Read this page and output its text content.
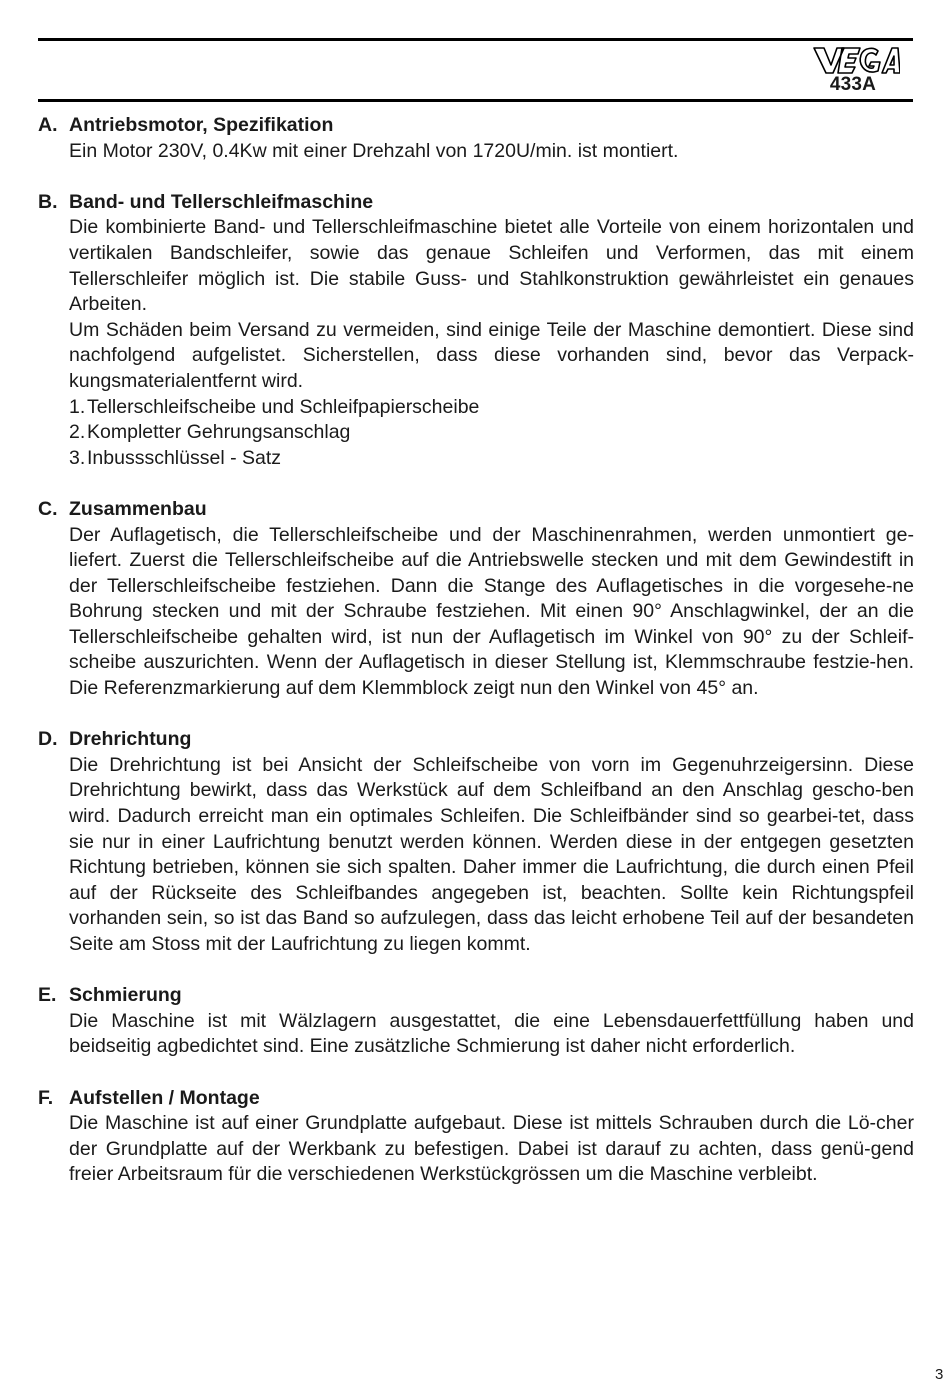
433A
A. Antriebsmotor, Spezifikation

Ein Motor 230V, 0.4Kw mit einer Drehzahl von 1720U/min. ist montiert.

B. Band- und Tellerschleifmaschine

Die kombinierte Band- und Tellerschleifmaschine bietet alle Vorteile von einem horizontalen und vertikalen Bandschleifer, sowie das genaue Schleifen und Verformen, das mit einem Tellerschleifer möglich ist. Die stabile Guss- und Stahlkonstruktion gewährleistet ein genaues Arbeiten.

Um Schäden beim Versand zu vermeiden, sind einige Teile der Maschine demontiert. Diese sind nachfolgend aufgelistet. Sicherstellen, dass diese vorhanden sind, bevor das Verpack-kungsmaterialentfernt wird.

1. Tellerschleifscheibe und Schleifpapierscheibe
2. Kompletter Gehrungsanschlag
3. Inbussschlüssel - Satz
C. Zusammenbau

Der Auflagetisch, die Tellerschleifscheibe und der Maschinenrahmen, werden unmontiert ge-liefert. Zuerst die Tellerschleifscheibe auf die Antriebswelle stecken und mit dem Gewindestift in der Tellerschleifscheibe festziehen. Dann die Stange des Auflagetisches in die vorgesehe-ne Bohrung stecken und mit der Schraube festziehen. Mit einen 90° Anschlagwinkel, der an die Tellerschleifscheibe gehalten wird, ist nun der Auflagetisch im Winkel von 90° zu der Schleif-scheibe auszurichten. Wenn der Auflagetisch in dieser Stellung ist, Klemmschraube festzie-hen. Die Referenzmarkierung auf dem Klemmblock zeigt nun den Winkel von 45° an.

D. Drehrichtung

Die Drehrichtung ist bei Ansicht der Schleifscheibe von vorn im Gegenuhrzeigersinn. Diese Drehrichtung bewirkt, dass das Werkstück auf dem Schleifband an den Anschlag gescho-ben wird. Dadurch erreicht man ein optimales Schleifen. Die Schleifbänder sind so gearbei-tet, dass sie nur in einer Laufrichtung benutzt werden können. Werden diese in der entgegen gesetzten Richtung betrieben, können sie sich spalten. Daher immer die Laufrichtung, die durch einen Pfeil auf der Rückseite des Schleifbandes angegeben ist, beachten. Sollte kein Richtungspfeil vorhanden sein, so ist das Band so aufzulegen, dass das leicht erhobene Teil auf der besandeten Seite am Stoss mit der Laufrichtung zu liegen kommt.

E. Schmierung

Die Maschine ist mit Wälzlagern ausgestattet, die eine Lebensdauerfettfüllung haben und beidseitig agbedichtet sind. Eine zusätzliche Schmierung ist daher nicht erforderlich.

F. Aufstellen / Montage

Die Maschine ist auf einer Grundplatte aufgebaut. Diese ist mittels Schrauben durch die Lö-cher der Grundplatte auf der Werkbank zu befestigen. Dabei ist darauf zu achten, dass genü-gend freier Arbeitsraum für die verschiedenen Werkstückgrössen um die Maschine verbleibt.

3
